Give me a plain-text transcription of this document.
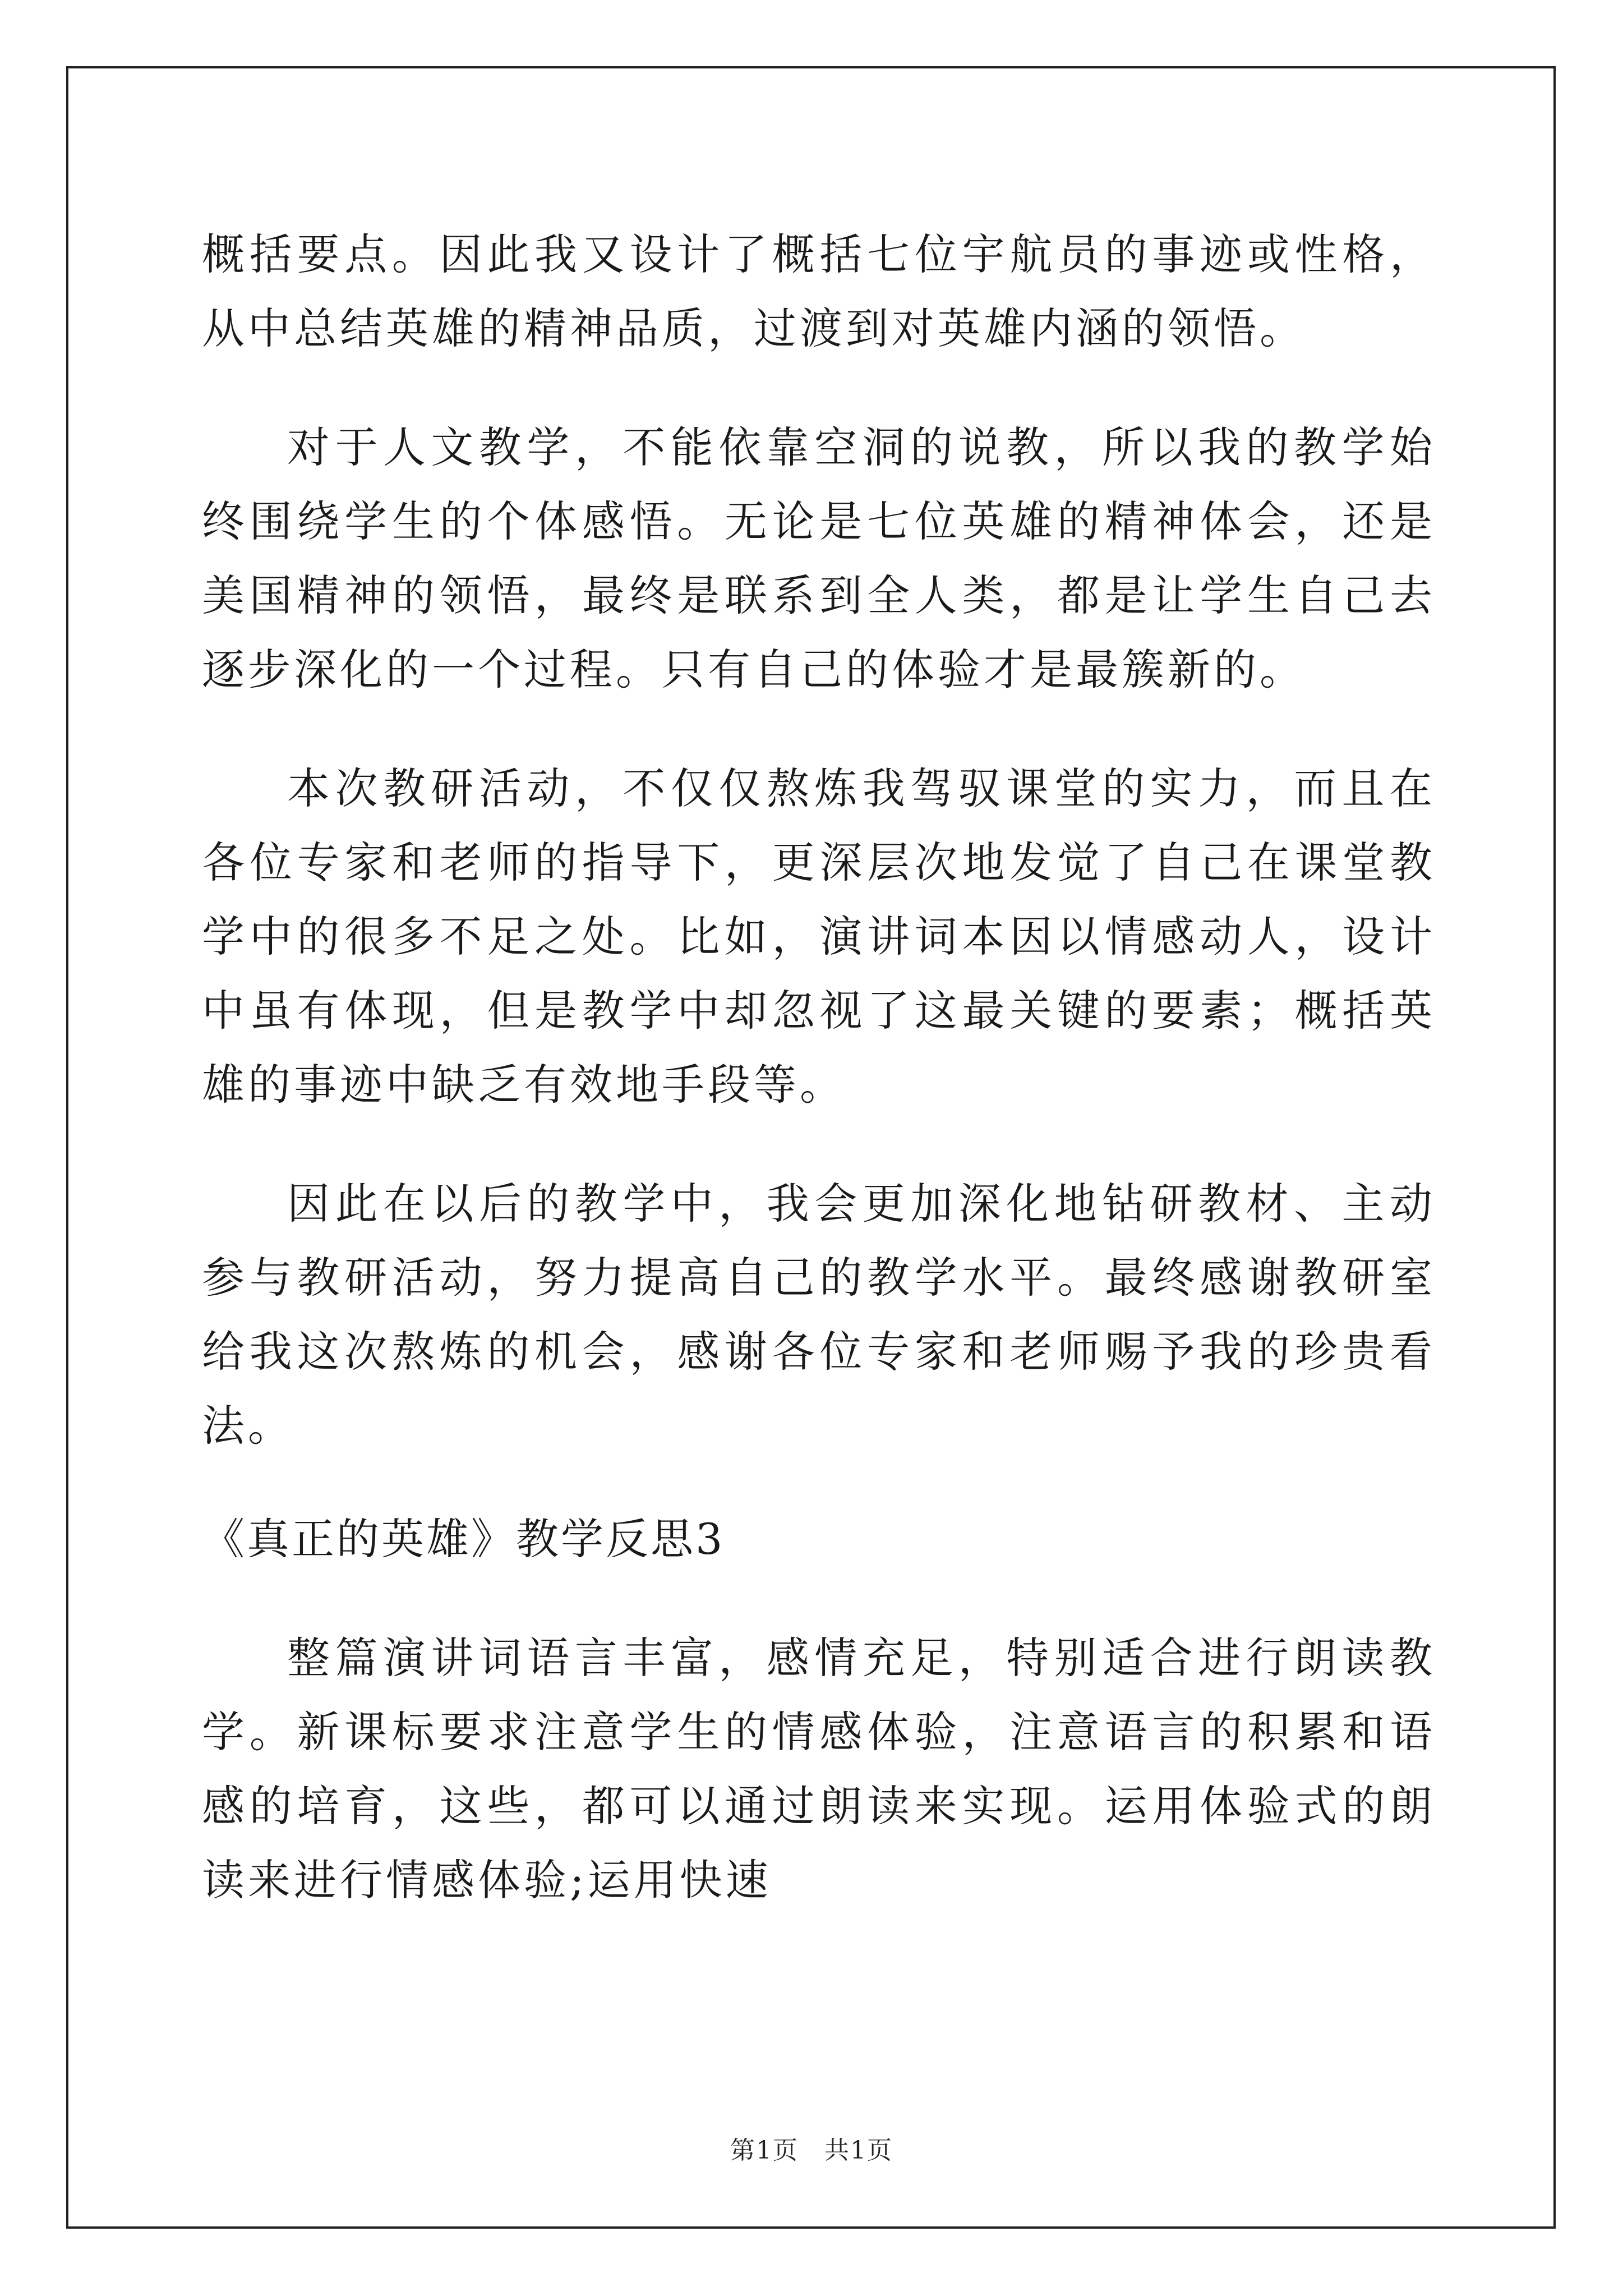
概括要点。因此我又设计了概括七位宇航员的事迹或性格，从中总结英雄的精神品质，过渡到对英雄内涵的领悟。

对于人文教学，不能依靠空洞的说教，所以我的教学始终围绕学生的个体感悟。无论是七位英雄的精神体会，还是美国精神的领悟，最终是联系到全人类，都是让学生自己去逐步深化的一个过程。只有自己的体验才是最簇新的。

本次教研活动，不仅仅熬炼我驾驭课堂的实力，而且在各位专家和老师的指导下，更深层次地发觉了自己在课堂教学中的很多不足之处。比如，演讲词本因以情感动人，设计中虽有体现，但是教学中却忽视了这最关键的要素；概括英雄的事迹中缺乏有效地手段等。

因此在以后的教学中，我会更加深化地钻研教材、主动参与教研活动，努力提高自己的教学水平。最终感谢教研室给我这次熬炼的机会，感谢各位专家和老师赐予我的珍贵看法。

《真正的英雄》教学反思3

整篇演讲词语言丰富，感情充足，特别适合进行朗读教学。新课标要求注意学生的情感体验，注意语言的积累和语感的培育，这些，都可以通过朗读来实现。运用体验式的朗读来进行情感体验;运用快速

第1页　共1页
